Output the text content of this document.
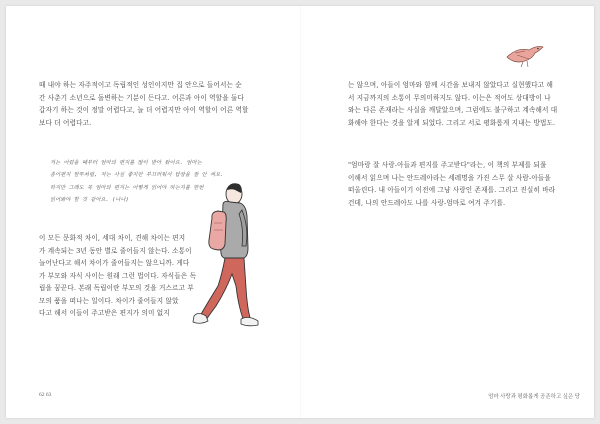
때 내야 하는 자주적이고 독립적인 성인이지만 집 안으로 들어서는 순
간 사춘기 소년으로 돌변하는 기분이 든다고. 어른과 아이 역할을 둘다
갑자기 하는 것이 정말 어렵다고, 늘 더 어렵지만 아이 역할이 어른 역할
보다 더 어렵다고.
저는 어렸을 때부터 엄마의 편지를 많이 받아 왔어요. 엄마는
종이편지 말투처럼, 저는 사실 좋지만 부끄러워서 답장을 잘 안 써요.
하지만 그래도 꼭 엄마의 편지는 어떻게 읽어야 하는지를 한번
읽어봐야 할 것 같아요. (나나)
이 모든 문화적 차이, 세대 차이, 견해 차이는 편지
가 계속되는 3년 동안 별로 줄어들지 않는다. 소통이
늘어난다고 해서 차이가 줄어들지는 않으니까. 게다
가 부모와 자식 사이는 원래 그런 법이다. 자식들은 독
립을 꿈꾼다. 본래 독립이란 부모의 것을 거스르고 부
모의 품을 떠나는 일이다. 차이가 줄어들지 않았
다고 해서 이들이 주고받은 편지가 의미 없지
62 63
는 않으며, 아들이 엄마와 함께 시간을 보내지 않았다고 실현했다고 해
서 지금까지의 소통이 무의미하지도 않다. 이는은 적어도 상대방이 나
와는 다른 존재라는 사실을 깨달았으며, 그럼에도 불구하고 계속해서 대
화해야 한다는 것을 알게 되었다. 그리고 서로 평화롭게 지내는 방법도.
"엄마랑 잘 사랑-아들과 편지를 주고받다"라는, 이 책의 부제를 되풀
이해서 읽으며 나는 안드레아라는 세레명을 가진 스무 살 사람-아들을
떠올린다. 내 아들이기 이전에 그냥 사랑인 존재를. 그리고 진실히 바라
건데, 나의 안드레아도 나를 사랑-엄마로 여겨 주기를.
엄마 사랑과 평화롭게 공존하고 싶은 당
